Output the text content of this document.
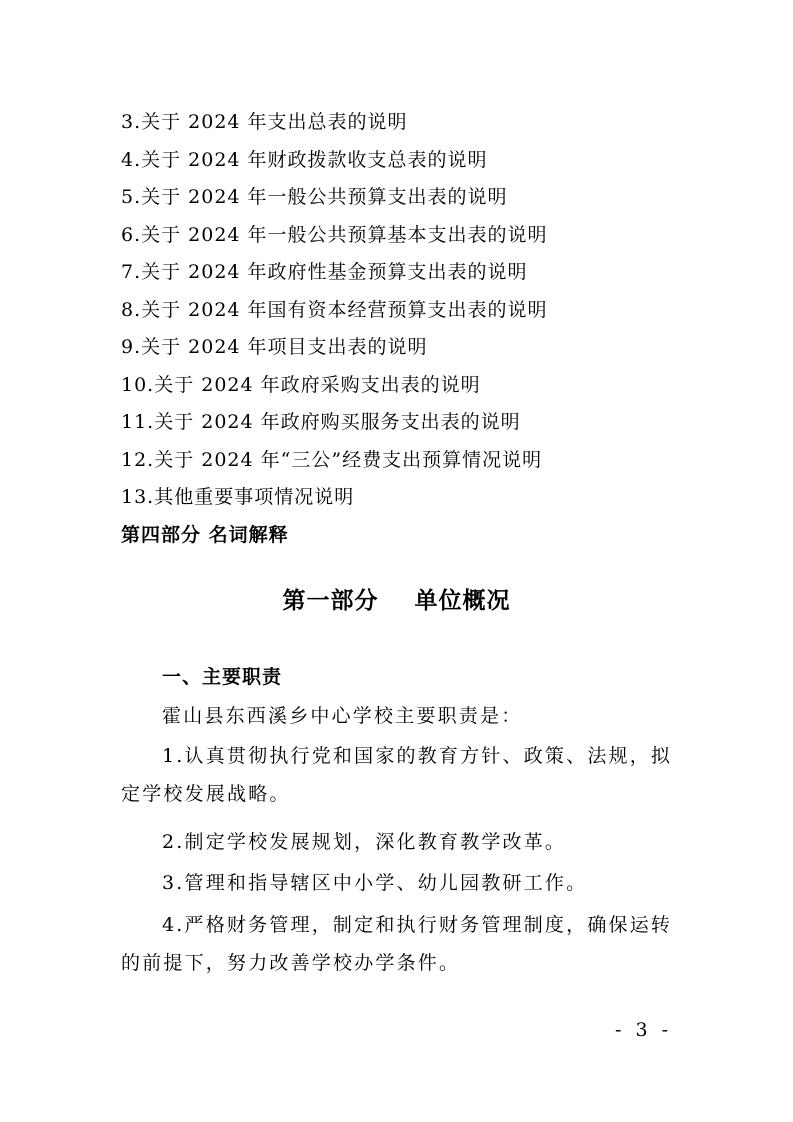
3.关于 2024 年支出总表的说明
4.关于 2024 年财政拨款收支总表的说明
5.关于 2024 年一般公共预算支出表的说明
6.关于 2024 年一般公共预算基本支出表的说明
7.关于 2024 年政府性基金预算支出表的说明
8.关于 2024 年国有资本经营预算支出表的说明
9.关于 2024 年项目支出表的说明
10.关于 2024 年政府采购支出表的说明
11.关于 2024 年政府购买服务支出表的说明
12.关于 2024 年“三公”经费支出预算情况说明
13.其他重要事项情况说明
第四部分 名词解释
第一部分    单位概况
一、主要职责

霍山县东西溪乡中心学校主要职责是：

1.认真贯彻执行党和国家的教育方针、政策、法规，拟定学校发展战略。

2.制定学校发展规划，深化教育教学改革。

3.管理和指导辖区中小学、幼儿园教研工作。

4.严格财务管理，制定和执行财务管理制度，确保运转的前提下，努力改善学校办学条件。

- 3 -
